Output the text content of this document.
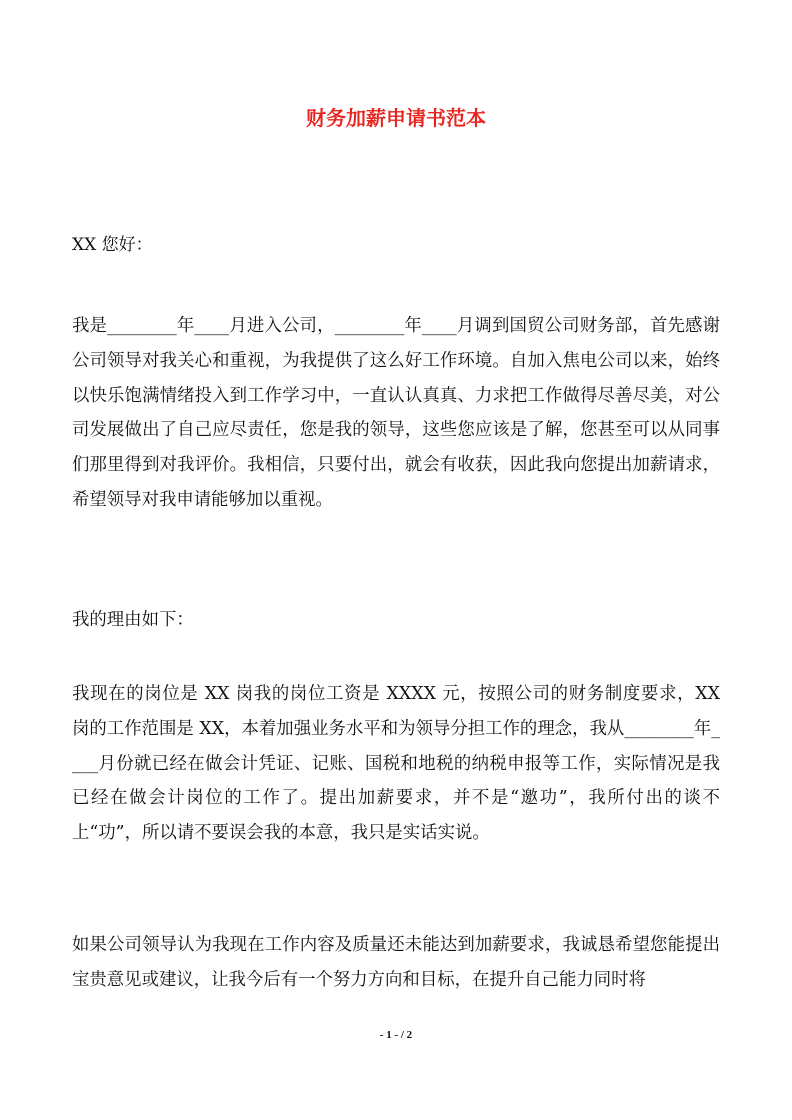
财务加薪申请书范本

XX 您好：

我是________年____月进入公司，________年____月调到国贸公司财务部，首先感谢公司领导对我关心和重视，为我提供了这么好工作环境。自加入焦电公司以来，始终以快乐饱满情绪投入到工作学习中，一直认认真真、力求把工作做得尽善尽美，对公司发展做出了自己应尽责任，您是我的领导，这些您应该是了解，您甚至可以从同事们那里得到对我评价。我相信，只要付出，就会有收获，因此我向您提出加薪请求，希望领导对我申请能够加以重视。

我的理由如下：

我现在的岗位是 XX 岗我的岗位工资是 XXXX 元，按照公司的财务制度要求，XX 岗的工作范围是 XX，本着加强业务水平和为领导分担工作的理念，我从________年____月份就已经在做会计凭证、记账、国税和地税的纳税申报等工作，实际情况是我已经在做会计岗位的工作了。提出加薪要求，并不是“邀功”，我所付出的谈不上“功”，所以请不要误会我的本意，我只是实话实说。

如果公司领导认为我现在工作内容及质量还未能达到加薪要求，我诚恳希望您能提出宝贵意见或建议，让我今后有一个努力方向和目标，在提升自己能力同时将

- 1 - / 2
